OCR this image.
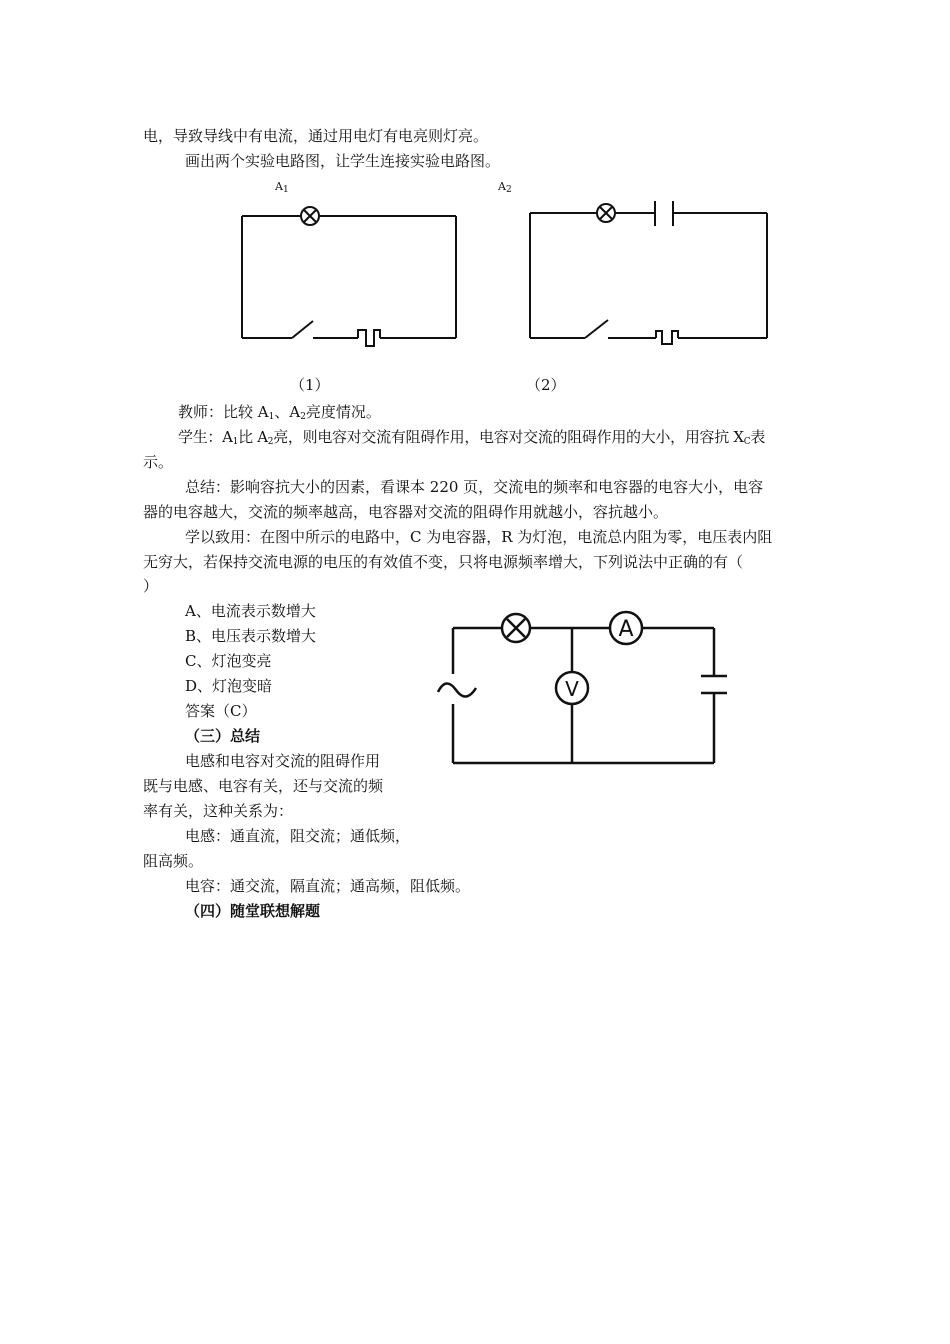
电，导致导线中有电流，通过用电灯有电亮则灯亮。
画出两个实验电路图，让学生连接实验电路图。
$A_1$	$A_2$
（1）	（2）
教师：比较 $A_1$、$A_2$亮度情况。
学生：$A_1$比 $A_2$亮，则电容对交流有阻碍作用，电容对交流的阻碍作用的大小，用容抗 $X_C$表
示。
总结：影响容抗大小的因素，看课本 220 页，交流电的频率和电容器的电容大小，电容
器的电容越大，交流的频率越高，电容器对交流的阻碍作用就越小，容抗越小。
学以致用：在图中所示的电路中，C 为电容器，R 为灯泡，电流总内阻为零，电压表内阻
无穷大，若保持交流电源的电压的有效值不变，只将电源频率增大，下列说法中正确的有（
）
A、电流表示数增大
B、电压表示数增大
C、灯泡变亮
D、灯泡变暗
答案（C）
A
V
（三）总结
电感和电容对交流的阻碍作用
既与电感、电容有关，还与交流的频
率有关，这种关系为：
电感：通直流，阻交流；通低频，
阻高频。
电容：通交流，隔直流；通高频，阻低频。
（四）随堂联想解题
